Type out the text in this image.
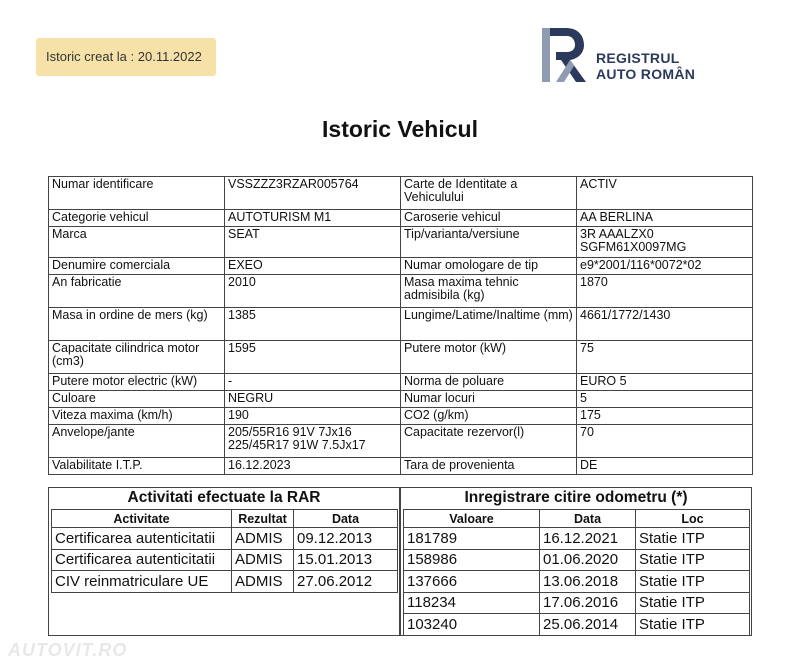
Istoric creat la : 20.11.2022	REGISTRUL
AUTO ROMÂN
Istoric Vehicul
Numar identificare	VSSZZZ3RZAR005764	Carte de Identitate a Vehiculului	ACTIV
Categorie vehicul	AUTOTURISM M1	Caroserie vehicul	AA BERLINA
Marca	SEAT	Tip/varianta/versiune	3R AAALZX0 SGFM61X0097MG
Denumire comerciala	EXEO	Numar omologare de tip	e9*2001/116*0072*02
An fabricatie	2010	Masa maxima tehnic admisibila (kg)	1870
Masa in ordine de mers (kg)	1385	Lungime/Latime/Inaltime (mm)	4661/1772/1430
Capacitate cilindrica motor (cm3)	1595	Putere motor (kW)	75
Putere motor electric (kW)	-	Norma de poluare	EURO 5
Culoare	NEGRU	Numar locuri	5
Viteza maxima (km/h)	190	CO2 (g/km)	175
Anvelope/jante	205/55R16 91V 7Jx16 225/45R17 91W 7.5Jx17	Capacitate rezervor(l)	70
Valabilitate I.T.P.	16.12.2023	Tara de provenienta	DE
Activitati efectuate la RAR
Activitate	Rezultat	Data
Certificarea autenticitatii	ADMIS	09.12.2013
Certificarea autenticitatii	ADMIS	15.01.2013
CIV reinmatriculare UE	ADMIS	27.06.2012
Inregistrare citire odometru (*)
Valoare	Data	Loc
181789	16.12.2021	Statie ITP
158986	01.06.2020	Statie ITP
137666	13.06.2018	Statie ITP
118234	17.06.2016	Statie ITP
103240	25.06.2014	Statie ITP
AUTOVIT.RO
